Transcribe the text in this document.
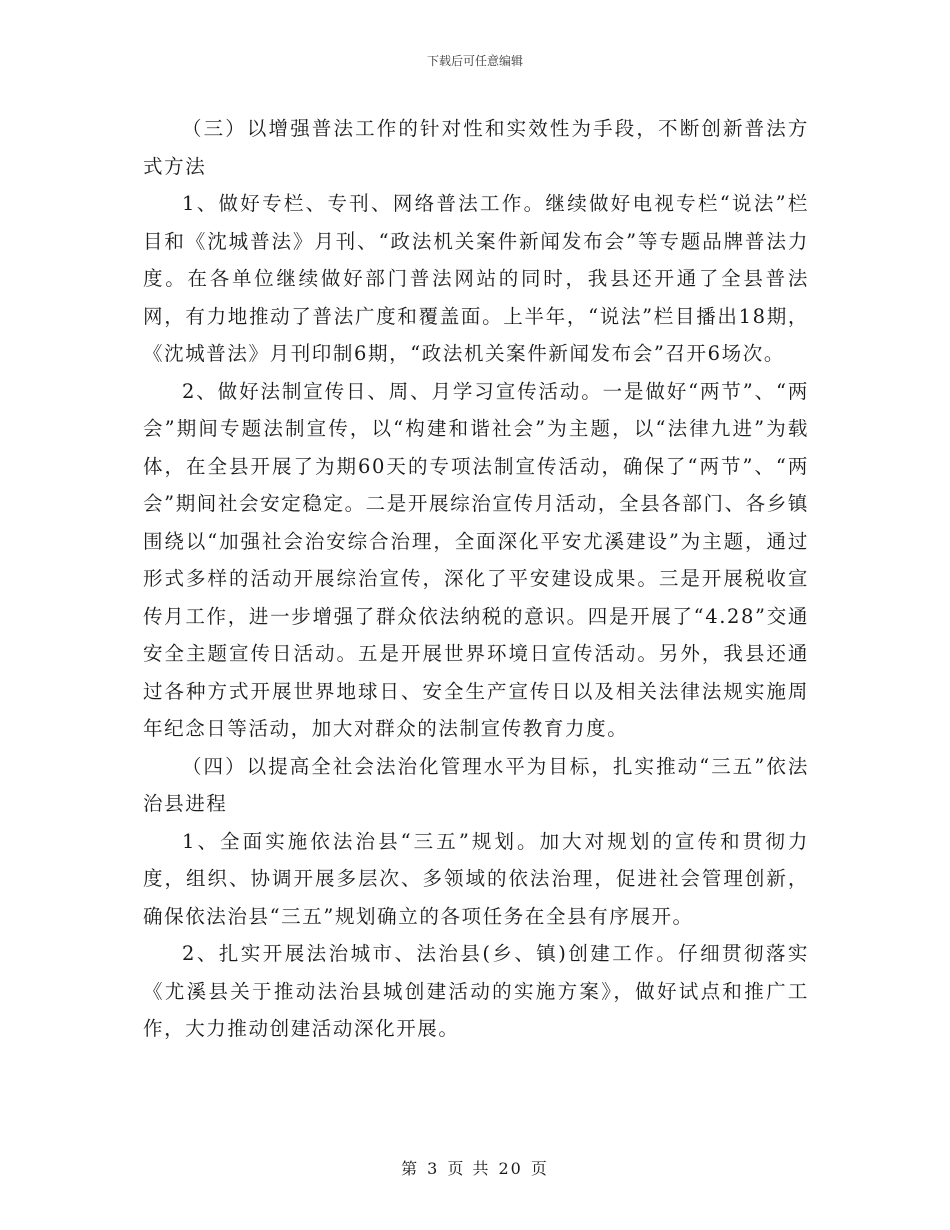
下载后可任意编辑

（三）以增强普法工作的针对性和实效性为手段，不断创新普法方式方法

1、做好专栏、专刊、网络普法工作。继续做好电视专栏“说法”栏目和《沈城普法》月刊、“政法机关案件新闻发布会”等专题品牌普法力度。在各单位继续做好部门普法网站的同时，我县还开通了全县普法网，有力地推动了普法广度和覆盖面。上半年，“说法”栏目播出18期，《沈城普法》月刊印制6期，“政法机关案件新闻发布会”召开6场次。

2、做好法制宣传日、周、月学习宣传活动。一是做好“两节”、“两会”期间专题法制宣传，以“构建和谐社会”为主题，以“法律九进”为载体，在全县开展了为期60天的专项法制宣传活动，确保了“两节”、“两会”期间社会安定稳定。二是开展综治宣传月活动，全县各部门、各乡镇围绕以“加强社会治安综合治理，全面深化平安尤溪建设”为主题，通过形式多样的活动开展综治宣传，深化了平安建设成果。三是开展税收宣传月工作，进一步增强了群众依法纳税的意识。四是开展了“4.28”交通安全主题宣传日活动。五是开展世界环境日宣传活动。另外，我县还通过各种方式开展世界地球日、安全生产宣传日以及相关法律法规实施周年纪念日等活动，加大对群众的法制宣传教育力度。

（四）以提高全社会法治化管理水平为目标，扎实推动“三五”依法治县进程

1、全面实施依法治县“三五”规划。加大对规划的宣传和贯彻力度，组织、协调开展多层次、多领域的依法治理，促进社会管理创新，确保依法治县“三五”规划确立的各项任务在全县有序展开。

2、扎实开展法治城市、法治县(乡、镇)创建工作。仔细贯彻落实《尤溪县关于推动法治县城创建活动的实施方案》，做好试点和推广工作，大力推动创建活动深化开展。

第 3 页 共 20 页
